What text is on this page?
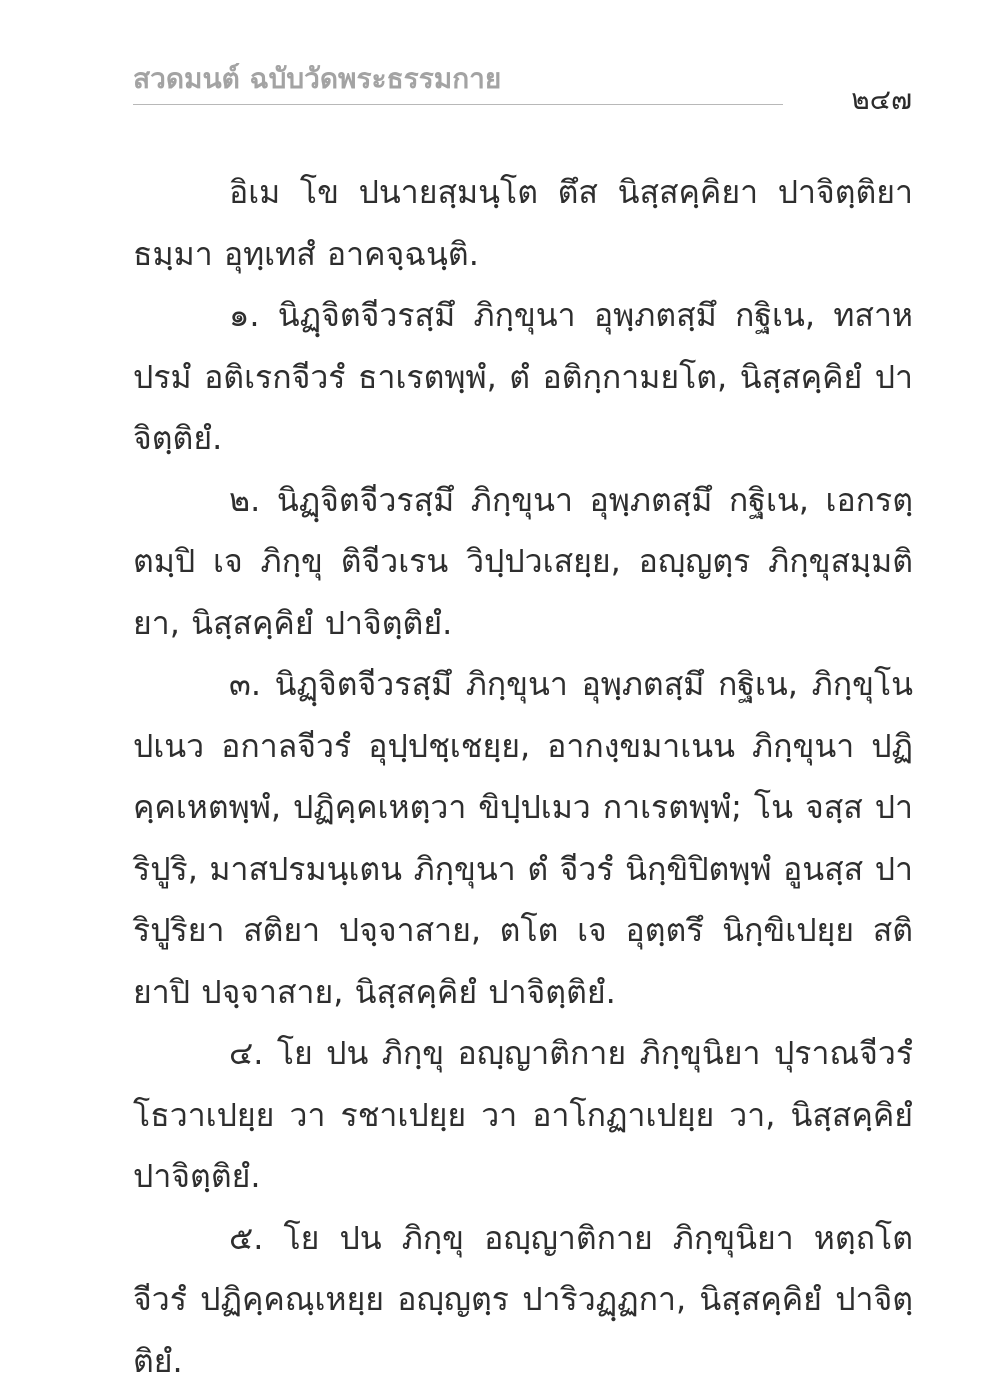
สวดมนต์ ฉบับวัดพระธรรมกาย
๒๔๗

อิเม โข ปนายสฺมนฺโต ตึส นิสฺสคฺคิยา ปาจิตฺติยา ธมฺมา อุทฺเทสํ อาคจฺฉนฺติ.

๑. นิฏฺจิตจีวรสฺมึ ภิกฺขุนา อุพฺภตสฺมึ กฐิเน, ทสาหปรมํ อติเรกจีวรํ ธาเรตพฺพํ, ตํ อติกฺกามยโต, นิสฺสคฺคิยํ ปาจิตฺติยํ.

๒. นิฏฺจิตจีวรสฺมึ ภิกฺขุนา อุพฺภตสฺมึ กฐิเน, เอกรตฺตมฺปิ เจ ภิกฺขุ ติจีวเรน วิปฺปวเสยฺย, อญฺญตฺร ภิกฺขุสมฺมติยา, นิสฺสคฺคิยํ ปาจิตฺติยํ.

๓. นิฏฺจิตจีวรสฺมึ ภิกฺขุนา อุพฺภตสฺมึ กฐิเน, ภิกฺขุโน ปเนว อกาลจีวรํ อุปฺปชฺเชยฺย, อากงฺขมาเนน ภิกฺขุนา ปฏิคฺคเหตพฺพํ, ปฏิคฺคเหตฺวา ขิปฺปเมว กาเรตพฺพํ; โน จสฺส ปาริปูริ, มาสปรมนฺเตน ภิกฺขุนา ตํ จีวรํ นิกฺขิปิตพฺพํ อูนสฺส ปาริปูริยา สติยา ปจฺจาสาย, ตโต เจ อุตฺตรึ นิกฺขิเปยฺย สติยาปิ ปจฺจาสาย, นิสฺสคฺคิยํ ปาจิตฺติยํ.

๔. โย ปน ภิกฺขุ อญฺญาติกาย ภิกฺขุนิยา ปุราณจีวรํ โธวาเปยฺย วา รชาเปยฺย วา อาโกฏาเปยฺย วา, นิสฺสคฺคิยํ ปาจิตฺติยํ.

๕. โย ปน ภิกฺขุ อญฺญาติกาย ภิกฺขุนิยา หตฺถโต จีวรํ ปฏิคฺคณฺเหยฺย อญฺญตฺร ปาริวฏฺฏกา, นิสฺสคฺคิยํ ปาจิตฺติยํ.
